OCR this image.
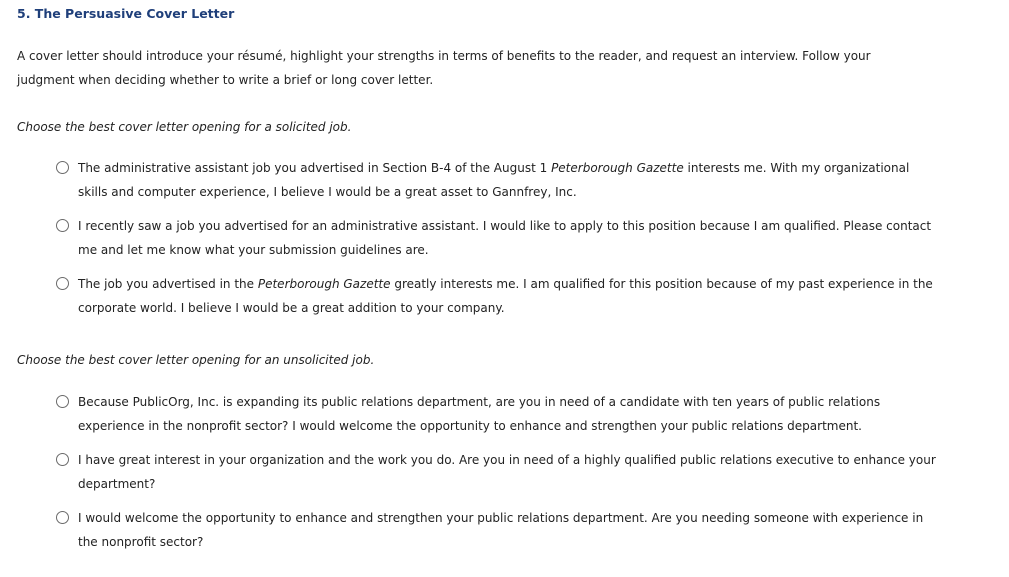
5. The Persuasive Cover Letter

A cover letter should introduce your résumé, highlight your strengths in terms of benefits to the reader, and request an interview. Follow your judgment when deciding whether to write a brief or long cover letter.

Choose the best cover letter opening for a solicited job.

The administrative assistant job you advertised in Section B-4 of the August 1 Peterborough Gazette interests me. With my organizational skills and computer experience, I believe I would be a great asset to Gannfrey, Inc.
I recently saw a job you advertised for an administrative assistant. I would like to apply to this position because I am qualified. Please contact me and let me know what your submission guidelines are.
The job you advertised in the Peterborough Gazette greatly interests me. I am qualified for this position because of my past experience in the corporate world. I believe I would be a great addition to your company.

Choose the best cover letter opening for an unsolicited job.

Because PublicOrg, Inc. is expanding its public relations department, are you in need of a candidate with ten years of public relations experience in the nonprofit sector? I would welcome the opportunity to enhance and strengthen your public relations department.
I have great interest in your organization and the work you do. Are you in need of a highly qualified public relations executive to enhance your department?
I would welcome the opportunity to enhance and strengthen your public relations department. Are you needing someone with experience in the nonprofit sector?
